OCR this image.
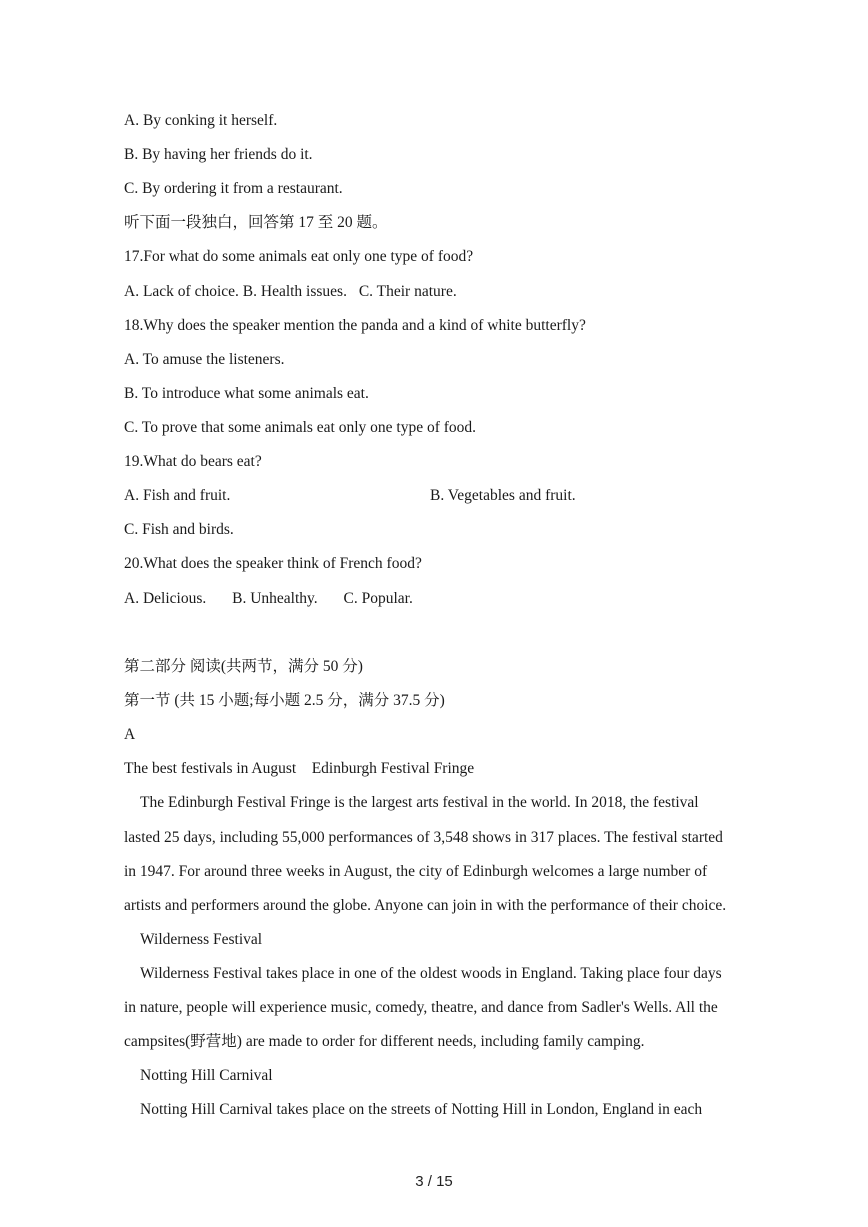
A. By conking it herself.
B. By having her friends do it.
C. By ordering it from a restaurant.
听下面一段独白，回答第 17 至 20 题。
17.For what do some animals eat only one type of food?
A. Lack of choice. B. Health issues. C. Their nature.
18.Why does the speaker mention the panda and a kind of white butterfly?
A. To amuse the listeners.
B. To introduce what some animals eat.
C. To prove that some animals eat only one type of food.
19.What do bears eat?
A. Fish and fruit.	B. Vegetables and fruit.
C. Fish and birds.
20.What does the speaker think of French food?
A. Delicious. B. Unhealthy. C. Popular.
第二部分 阅读(共两节，满分 50 分)
第一节 (共 15 小题;每小题 2.5 分，满分 37.5 分)
A
The best festivals in August    Edinburgh Festival Fringe
The Edinburgh Festival Fringe is the largest arts festival in the world. In 2018, the festival
lasted 25 days, including 55,000 performances of 3,548 shows in 317 places. The festival started
in 1947. For around three weeks in August, the city of Edinburgh welcomes a large number of
artists and performers around the globe. Anyone can join in with the performance of their choice.
Wilderness Festival
Wilderness Festival takes place in one of the oldest woods in England. Taking place four days
in nature, people will experience music, comedy, theatre, and dance from Sadler's Wells. All the
campsites(野营地) are made to order for different needs, including family camping.
Notting Hill Carnival
Notting Hill Carnival takes place on the streets of Notting Hill in London, England in each
3 / 15
